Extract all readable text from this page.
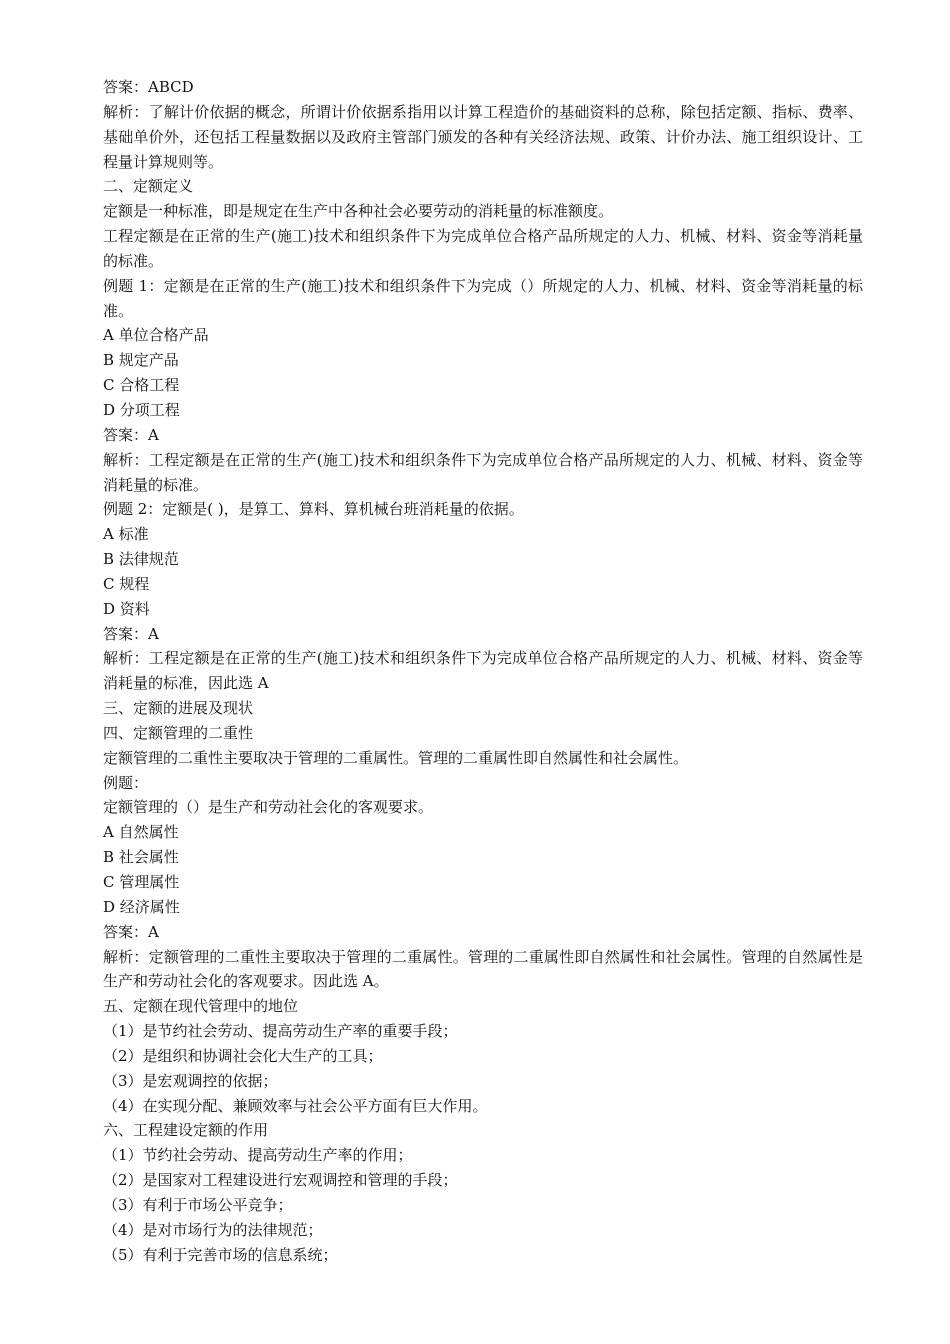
答案：ABCD
解析：了解计价依据的概念，所谓计价依据系指用以计算工程造价的基础资料的总称，除包括定额、指标、费率、基础单价外，还包括工程量数据以及政府主管部门颁发的各种有关经济法规、政策、计价办法、施工组织设计、工程量计算规则等。
二、定额定义
定额是一种标准，即是规定在生产中各种社会必要劳动的消耗量的标准额度。
工程定额是在正常的生产(施工)技术和组织条件下为完成单位合格产品所规定的人力、机械、材料、资金等消耗量的标准。
例题 1：定额是在正常的生产(施工)技术和组织条件下为完成（）所规定的人力、机械、材料、资金等消耗量的标准。
A 单位合格产品
B 规定产品
C 合格工程
D 分项工程
答案：A
解析：工程定额是在正常的生产(施工)技术和组织条件下为完成单位合格产品所规定的人力、机械、材料、资金等消耗量的标准。
例题 2：定额是( )，是算工、算料、算机械台班消耗量的依据。
A 标准
B 法律规范
C 规程
D 资料
答案：A
解析：工程定额是在正常的生产(施工)技术和组织条件下为完成单位合格产品所规定的人力、机械、材料、资金等消耗量的标准，因此选 A
三、定额的进展及现状
四、定额管理的二重性
定额管理的二重性主要取决于管理的二重属性。管理的二重属性即自然属性和社会属性。
例题：
定额管理的（）是生产和劳动社会化的客观要求。
A 自然属性
B 社会属性
C 管理属性
D 经济属性
答案：A
解析：定额管理的二重性主要取决于管理的二重属性。管理的二重属性即自然属性和社会属性。管理的自然属性是生产和劳动社会化的客观要求。因此选 A。
五、定额在现代管理中的地位
（1）是节约社会劳动、提高劳动生产率的重要手段；
（2）是组织和协调社会化大生产的工具；
（3）是宏观调控的依据；
（4）在实现分配、兼顾效率与社会公平方面有巨大作用。
六、工程建设定额的作用
（1）节约社会劳动、提高劳动生产率的作用；
（2）是国家对工程建设进行宏观调控和管理的手段；
（3）有利于市场公平竞争；
（4）是对市场行为的法律规范；
（5）有利于完善市场的信息系统；
